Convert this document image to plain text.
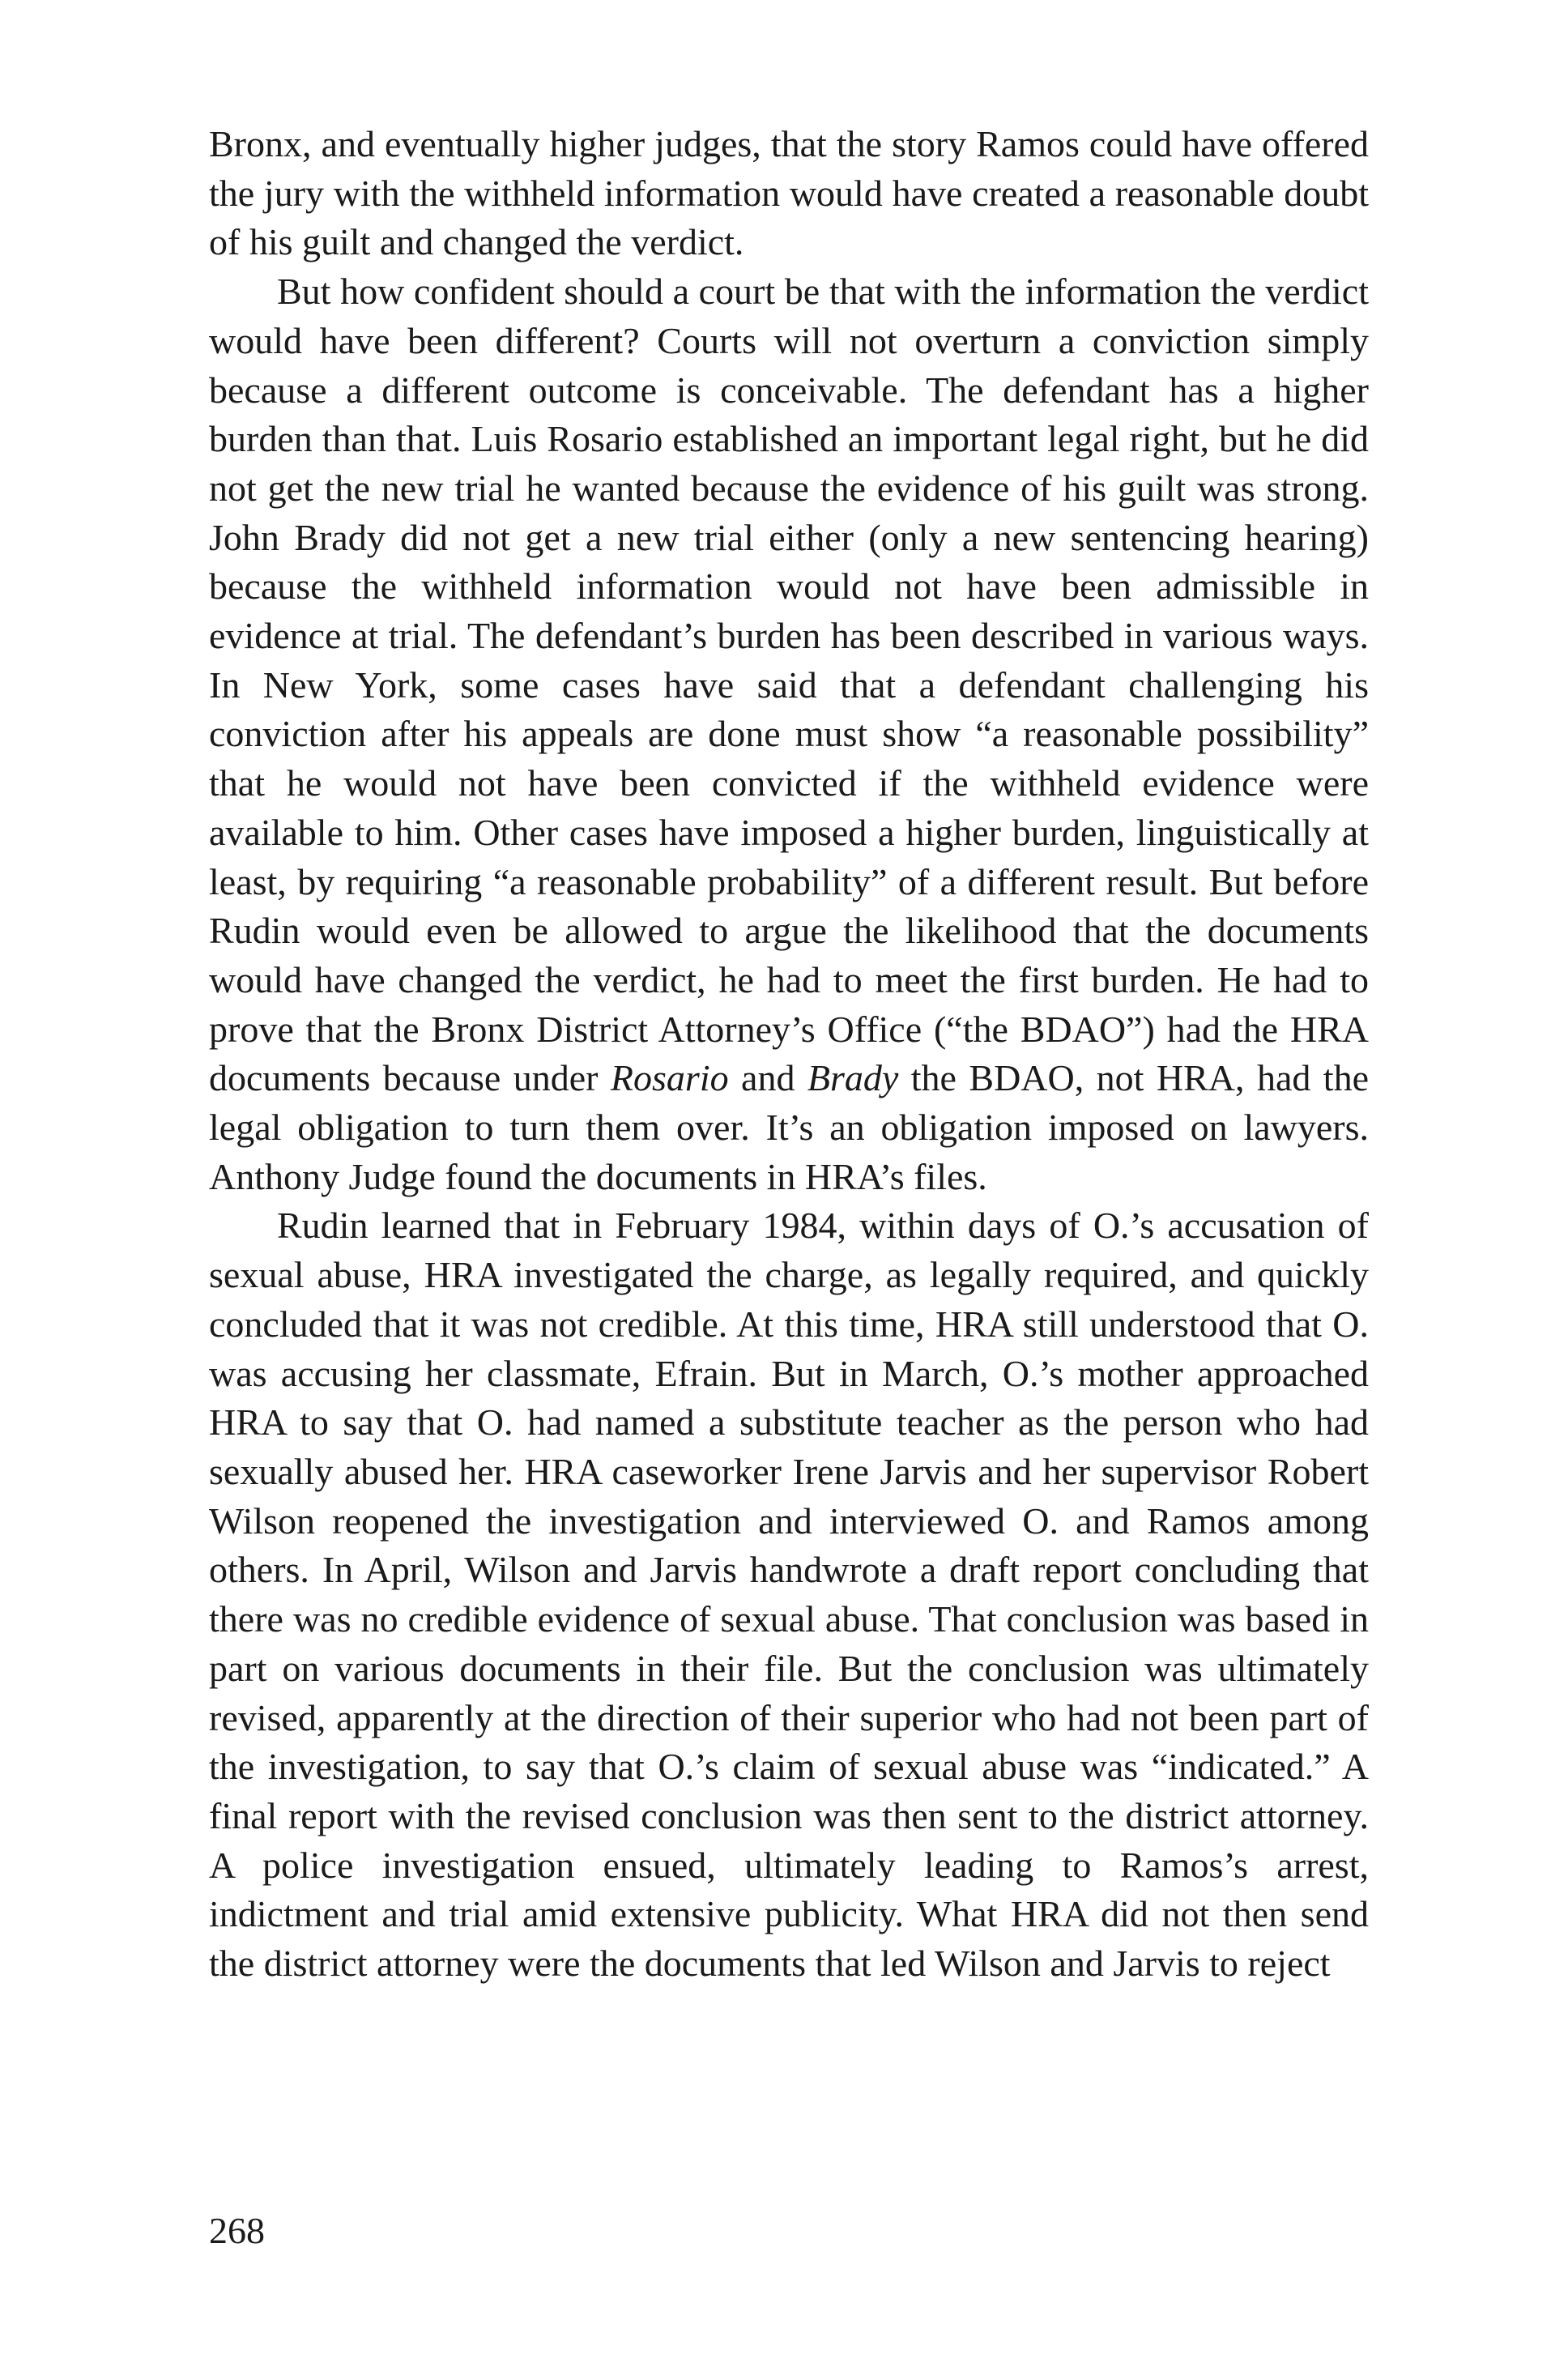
Bronx, and eventually higher judges, that the story Ramos could have offered the jury with the withheld information would have created a reasonable doubt of his guilt and changed the verdict.

But how confident should a court be that with the information the verdict would have been different? Courts will not overturn a conviction simply because a different outcome is conceivable. The defendant has a higher burden than that. Luis Rosario established an important legal right, but he did not get the new trial he wanted because the evidence of his guilt was strong. John Brady did not get a new trial either (only a new sentencing hearing) because the withheld information would not have been admissible in evidence at trial. The defendant’s burden has been described in various ways. In New York, some cases have said that a defendant challenging his conviction after his appeals are done must show “a reasonable possibility” that he would not have been convicted if the withheld evidence were available to him. Other cases have imposed a higher burden, linguistically at least, by requiring “a reasonable probability” of a different result. But before Rudin would even be allowed to argue the likelihood that the documents would have changed the verdict, he had to meet the first burden. He had to prove that the Bronx District Attorney’s Office (“the BDAO”) had the HRA documents because under Rosario and Brady the BDAO, not HRA, had the legal obligation to turn them over. It’s an obligation imposed on lawyers. Anthony Judge found the documents in HRA’s files.

Rudin learned that in February 1984, within days of O.’s accusation of sexual abuse, HRA investigated the charge, as legally required, and quickly concluded that it was not credible. At this time, HRA still understood that O. was accusing her classmate, Efrain. But in March, O.’s mother approached HRA to say that O. had named a substitute teacher as the person who had sexually abused her. HRA caseworker Irene Jarvis and her supervisor Robert Wilson reopened the investigation and interviewed O. and Ramos among others. In April, Wilson and Jarvis handwrote a draft report concluding that there was no credible evidence of sexual abuse. That conclusion was based in part on various documents in their file. But the conclusion was ultimately revised, apparently at the direction of their superior who had not been part of the investigation, to say that O.’s claim of sexual abuse was “indicated.” A final report with the revised conclusion was then sent to the district attorney. A police investigation ensued, ultimately leading to Ramos’s arrest, indictment and trial amid extensive publicity. What HRA did not then send the district attorney were the documents that led Wilson and Jarvis to reject

268
